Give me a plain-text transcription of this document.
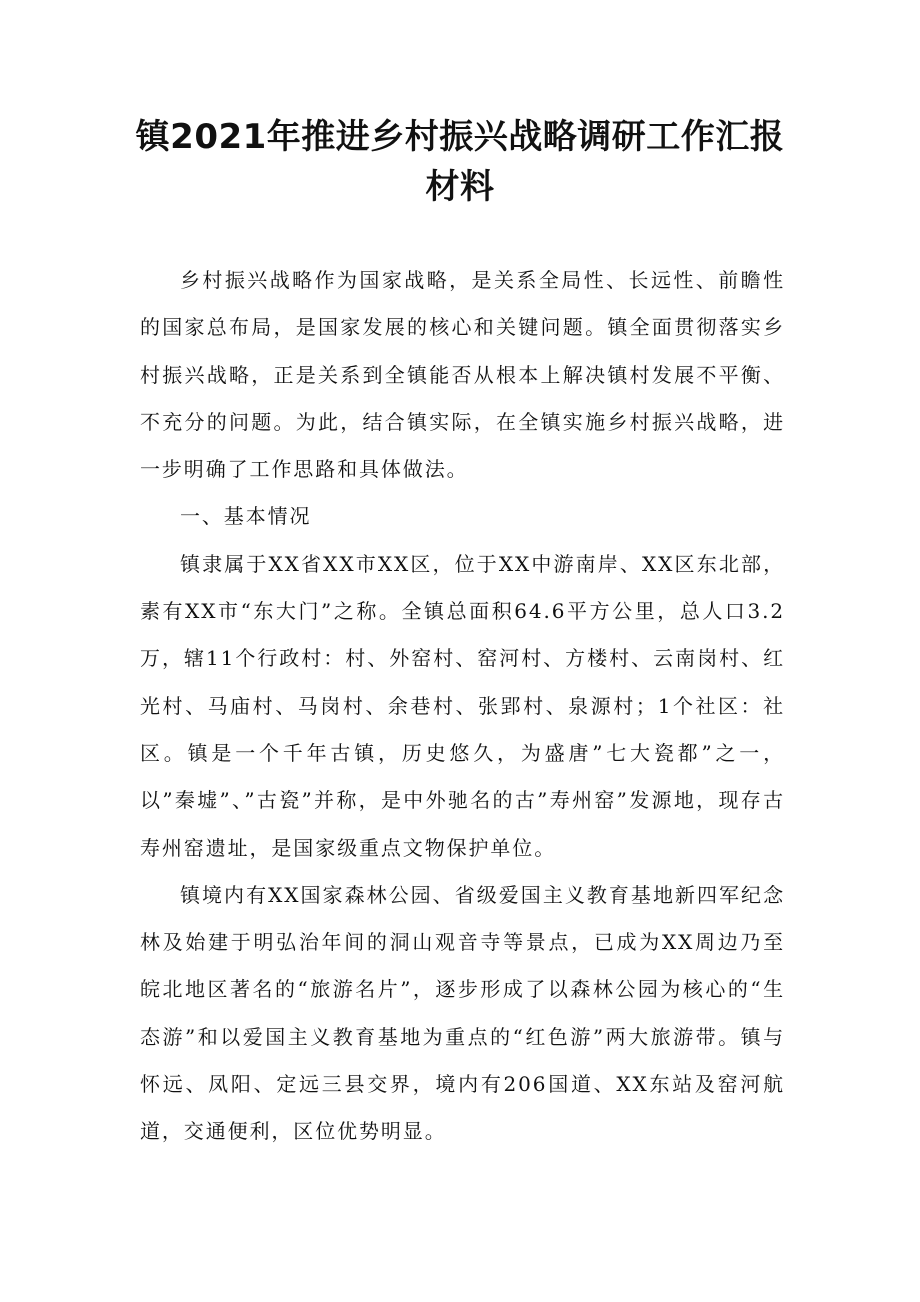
镇2021年推进乡村振兴战略调研工作汇报
材料

乡村振兴战略作为国家战略，是关系全局性、长远性、前瞻性的国家总布局，是国家发展的核心和关键问题。镇全面贯彻落实乡村振兴战略，正是关系到全镇能否从根本上解决镇村发展不平衡、不充分的问题。为此，结合镇实际，在全镇实施乡村振兴战略，进一步明确了工作思路和具体做法。

一、基本情况

镇隶属于XX省XX市XX区，位于XX中游南岸、XX区东北部，素有XX市“东大门”之称。全镇总面积64.6平方公里，总人口3.2万，辖11个行政村：村、外窑村、窑河村、方楼村、云南岗村、红光村、马庙村、马岗村、余巷村、张郢村、泉源村；1个社区：社区。镇是一个千年古镇，历史悠久，为盛唐”七大瓷都”之一，以”秦墟”、”古瓷”并称，是中外驰名的古”寿州窑”发源地，现存古寿州窑遗址，是国家级重点文物保护单位。

镇境内有XX国家森林公园、省级爱国主义教育基地新四军纪念林及始建于明弘治年间的洞山观音寺等景点，已成为XX周边乃至皖北地区著名的“旅游名片”，逐步形成了以森林公园为核心的“生态游”和以爱国主义教育基地为重点的“红色游”两大旅游带。镇与怀远、凤阳、定远三县交界，境内有206国道、XX东站及窑河航道，交通便利，区位优势明显。
